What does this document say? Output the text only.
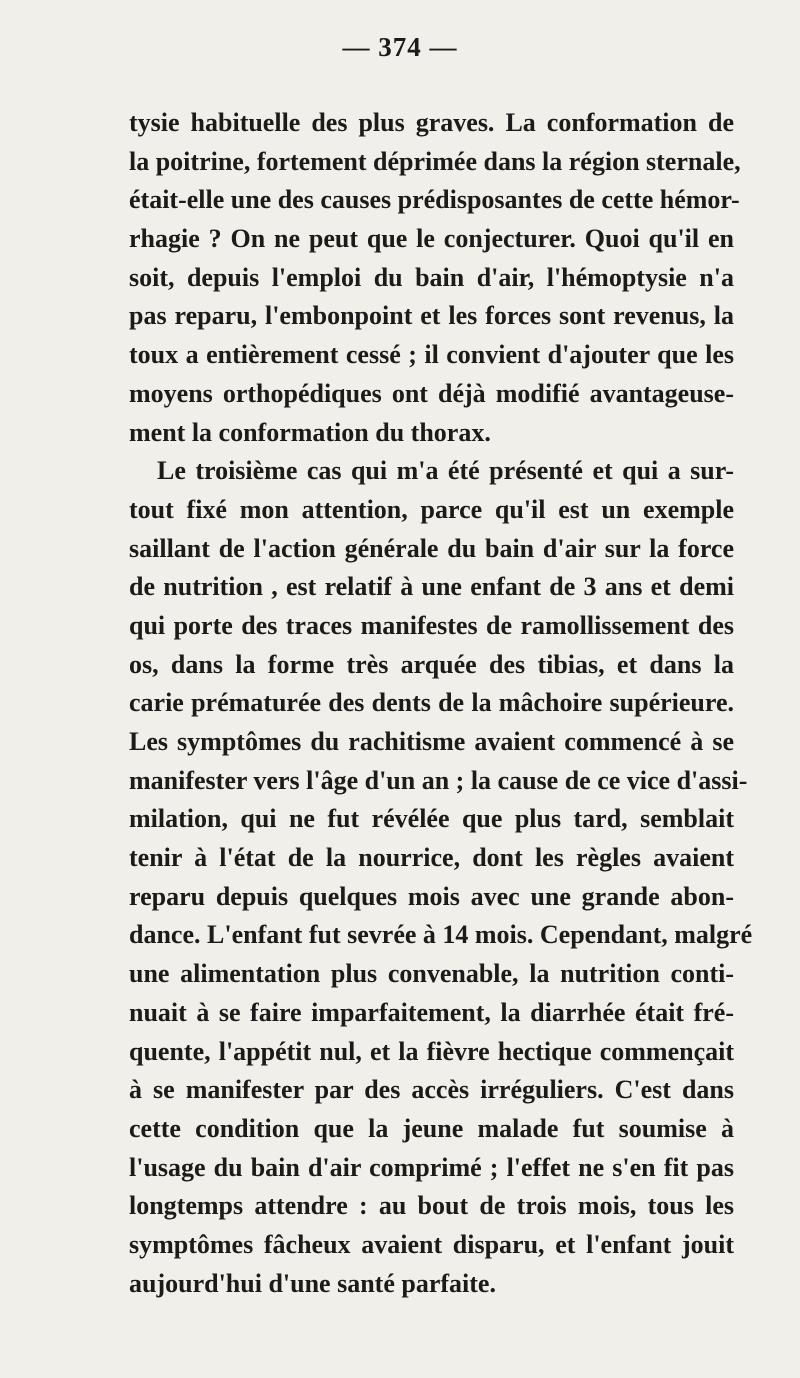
— 374 —
tysie habituelle des plus graves. La conformation de
la poitrine, fortement déprimée dans la région sternale,
était-elle une des causes prédisposantes de cette hémor-
rhagie ? On ne peut que le conjecturer. Quoi qu'il en
soit, depuis l'emploi du bain d'air, l'hémoptysie n'a
pas reparu, l'embonpoint et les forces sont revenus, la
toux a entièrement cessé ; il convient d'ajouter que les
moyens orthopédiques ont déjà modifié avantageuse-
ment la conformation du thorax.
Le troisième cas qui m'a été présenté et qui a sur-
tout fixé mon attention, parce qu'il est un exemple
saillant de l'action générale du bain d'air sur la force
de nutrition , est relatif à une enfant de 3 ans et demi
qui porte des traces manifestes de ramollissement des
os, dans la forme très arquée des tibias, et dans la
carie prématurée des dents de la mâchoire supérieure.
Les symptômes du rachitisme avaient commencé à se
manifester vers l'âge d'un an ; la cause de ce vice d'assi-
milation, qui ne fut révélée que plus tard, semblait
tenir à l'état de la nourrice, dont les règles avaient
reparu depuis quelques mois avec une grande abon-
dance. L'enfant fut sevrée à 14 mois. Cependant, malgré
une alimentation plus convenable, la nutrition conti-
nuait à se faire imparfaitement, la diarrhée était fré-
quente, l'appétit nul, et la fièvre hectique commençait
à se manifester par des accès irréguliers. C'est dans
cette condition que la jeune malade fut soumise à
l'usage du bain d'air comprimé ; l'effet ne s'en fit pas
longtemps attendre : au bout de trois mois, tous les
symptômes fâcheux avaient disparu, et l'enfant jouit
aujourd'hui d'une santé parfaite.
